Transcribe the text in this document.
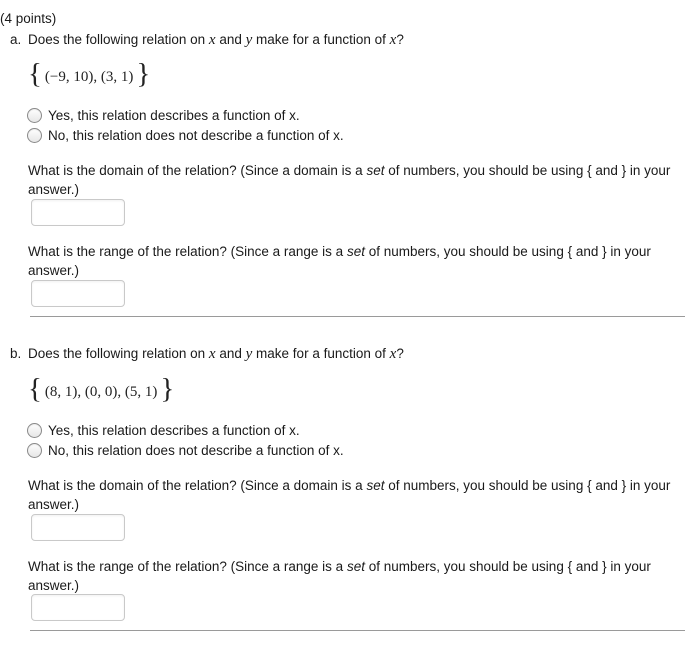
(4 points)
a. Does the following relation on x and y make for a function of x?
{ (−9, 10), (3, 1) }
Yes, this relation describes a function of x.
No, this relation does not describe a function of x.
What is the domain of the relation? (Since a domain is a set of numbers, you should be using { and } in your answer.)
What is the range of the relation? (Since a range is a set of numbers, you should be using { and } in your answer.)
b. Does the following relation on x and y make for a function of x?
{ (8, 1), (0, 0), (5, 1) }
Yes, this relation describes a function of x.
No, this relation does not describe a function of x.
What is the domain of the relation? (Since a domain is a set of numbers, you should be using { and } in your answer.)
What is the range of the relation? (Since a range is a set of numbers, you should be using { and } in your answer.)
